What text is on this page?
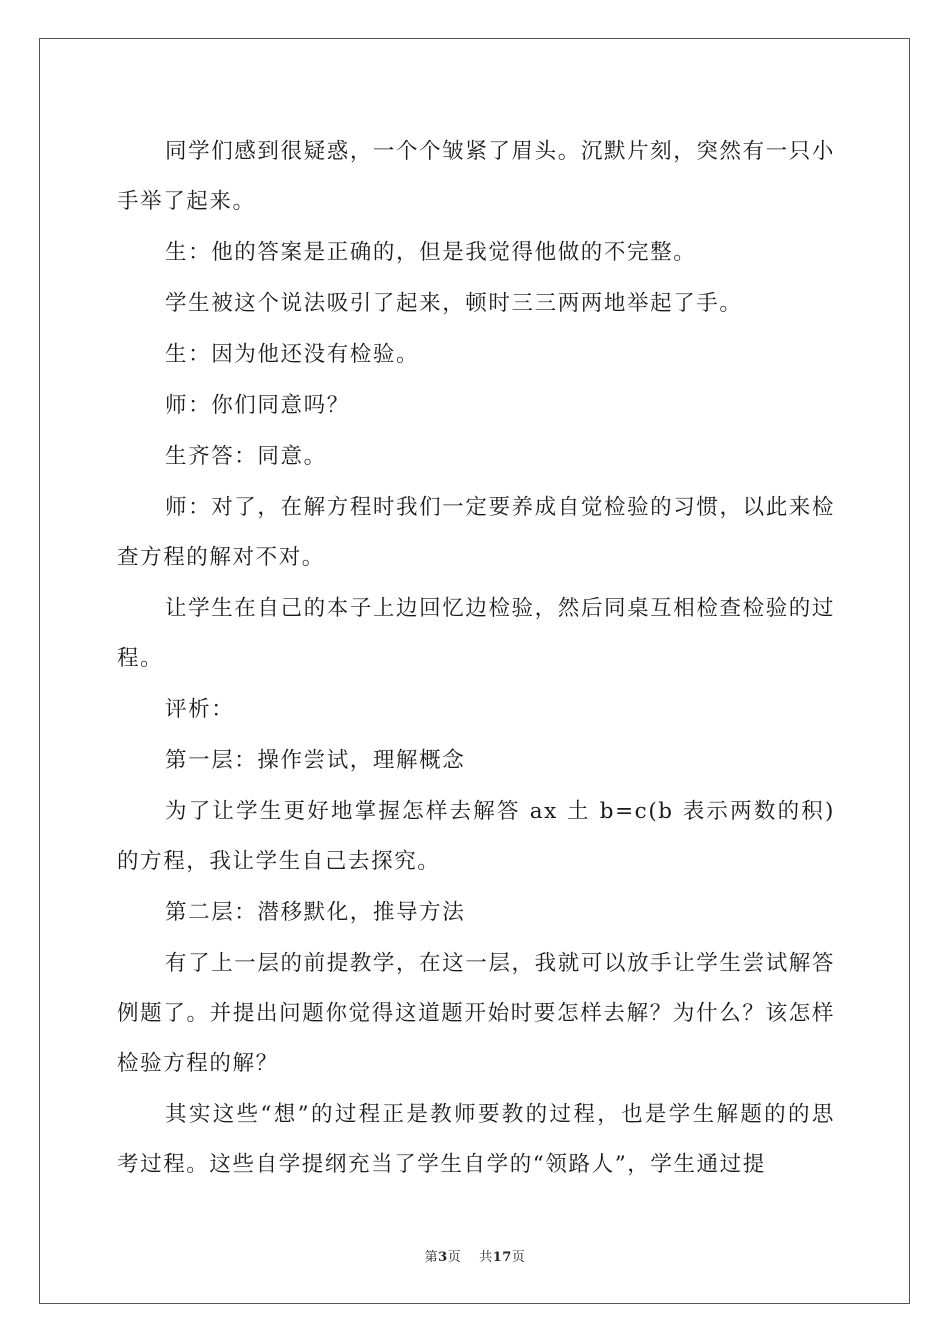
同学们感到很疑惑，一个个皱紧了眉头。沉默片刻，突然有一只小手举了起来。

生：他的答案是正确的，但是我觉得他做的不完整。

学生被这个说法吸引了起来，顿时三三两两地举起了手。

生：因为他还没有检验。

师：你们同意吗？

生齐答：同意。

师：对了，在解方程时我们一定要养成自觉检验的习惯，以此来检查方程的解对不对。

让学生在自己的本子上边回忆边检验，然后同桌互相检查检验的过程。

评析：

第一层：操作尝试，理解概念

为了让学生更好地掌握怎样去解答 ax 土 b=c(b 表示两数的积)的方程，我让学生自己去探究。

第二层：潜移默化，推导方法

有了上一层的前提教学，在这一层，我就可以放手让学生尝试解答例题了。并提出问题你觉得这道题开始时要怎样去解？为什么？该怎样检验方程的解？

其实这些“想”的过程正是教师要教的过程，也是学生解题的的思考过程。这些自学提纲充当了学生自学的“领路人”，学生通过提

第3页 共17页
